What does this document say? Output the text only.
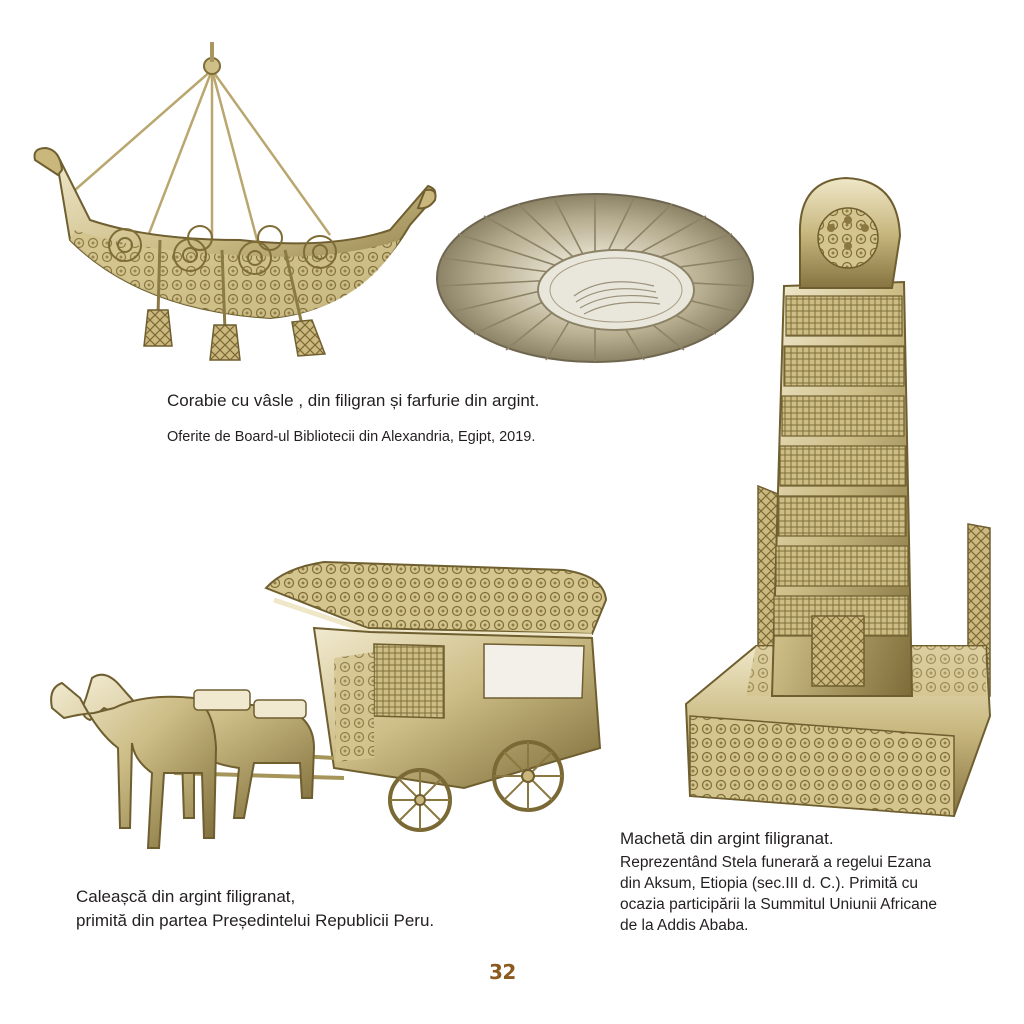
Corabie cu vâsle , din filigran și farfurie din argint.
Oferite de Board-ul Bibliotecii din Alexandria, Egipt, 2019.
Machetă din argint filigranat.
Reprezentând Stela funerară a regelui Ezana
din Aksum, Etiopia (sec.III d. C.). Primită cu
ocazia participării la Summitul Uniunii Africane
de la Addis Ababa.
Caleașcă din argint filigranat,
primită din partea Președintelui Republicii Peru.
32
